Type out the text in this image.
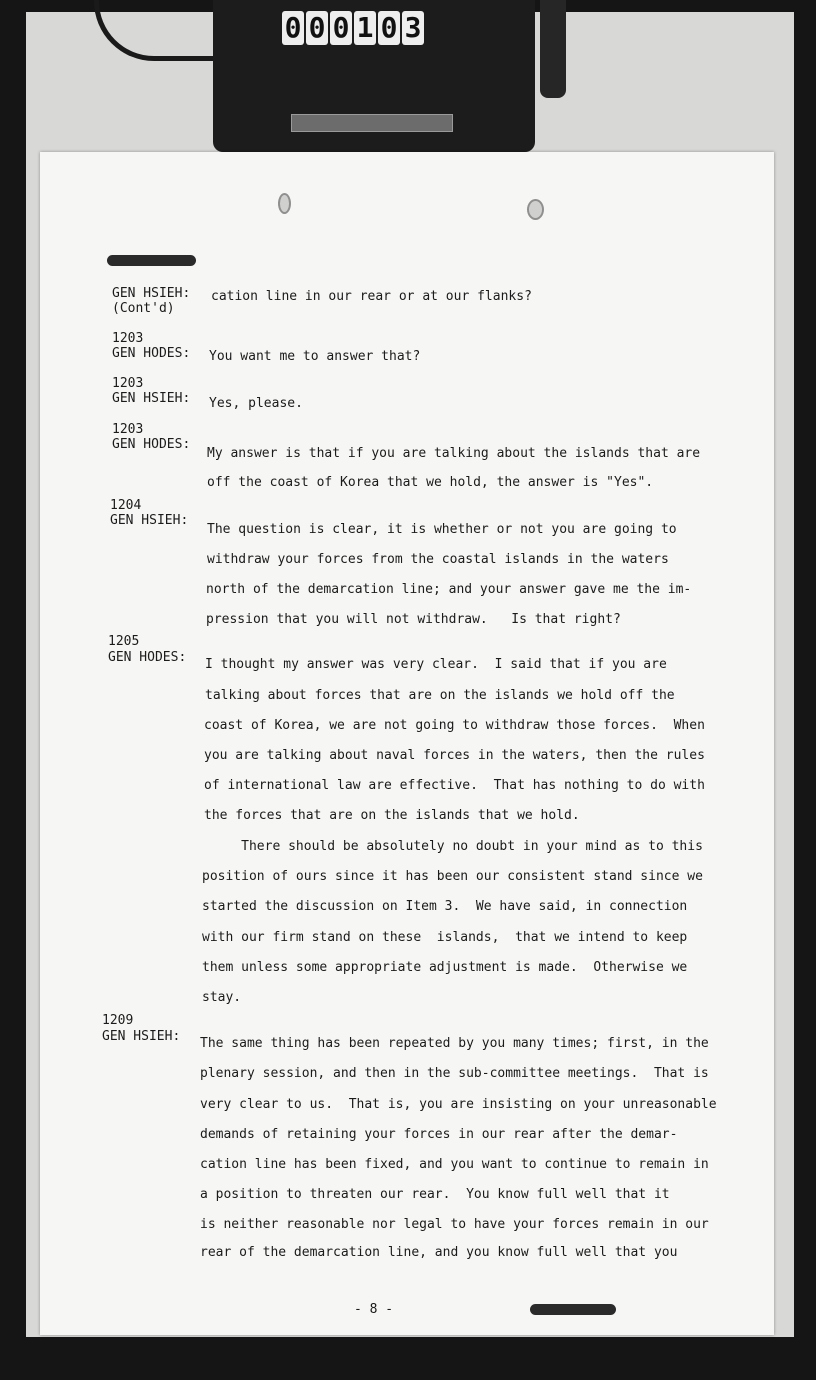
0 0 0 1 0 3
GEN HSIEH:
(Cont'd)
cation line in our rear or at our flanks?
1203
GEN HODES: You want me to answer that?
1203
GEN HSIEH: Yes, please.
1203
GEN HODES:
My answer is that if you are talking about the islands that are
off the coast of Korea that we hold, the answer is "Yes".
1204
GEN HSIEH:
The question is clear, it is whether or not you are going to
withdraw your forces from the coastal islands in the waters
north of the demarcation line; and your answer gave me the im-
pression that you will not withdraw.   Is that right?
1205
GEN HODES: I thought my answer was very clear.  I said that if you are
talking about forces that are on the islands we hold off the
coast of Korea, we are not going to withdraw those forces.  When
you are talking about naval forces in the waters, then the rules
of international law are effective.  That has nothing to do with
the forces that are on the islands that we hold.
There should be absolutely no doubt in your mind as to this
position of ours since it has been our consistent stand since we
started the discussion on Item 3.  We have said, in connection
with our firm stand on these  islands,  that we intend to keep
them unless some appropriate adjustment is made.  Otherwise we
stay.
1209
GEN HSIEH: The same thing has been repeated by you many times; first, in the
plenary session, and then in the sub-committee meetings.  That is
very clear to us.  That is, you are insisting on your unreasonable
demands of retaining your forces in our rear after the demar-
cation line has been fixed, and you want to continue to remain in
a position to threaten our rear.  You know full well that it
is neither reasonable nor legal to have your forces remain in our
rear of the demarcation line, and you know full well that you
- 8 -
